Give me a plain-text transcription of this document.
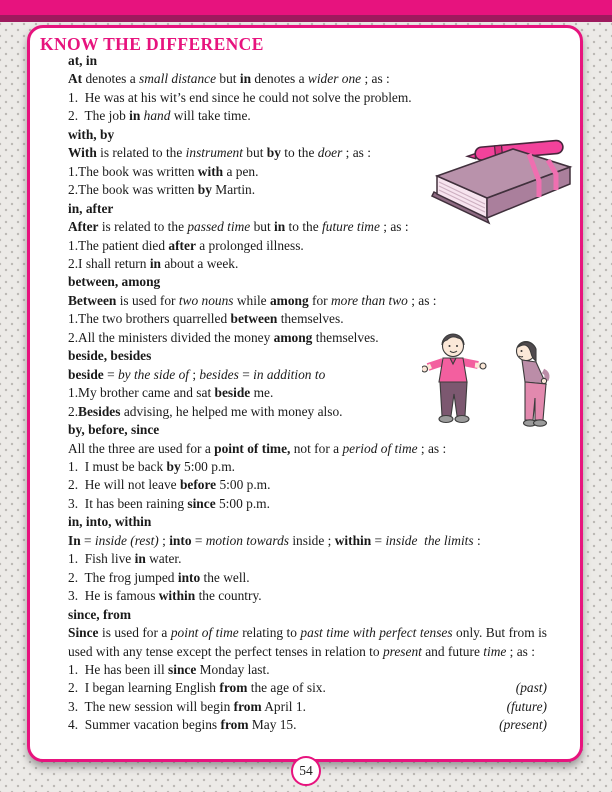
KNOW THE DIFFERENCE
at, in
At denotes a small distance but in denotes a wider one ; as :
1.  He was at his wit’s end since he could not solve the problem.
2.  The job in hand will take time.
with, by
With is related to the instrument but by to the doer ; as :
1.The book was written with a pen.
2.The book was written by Martin.
in, after
After is related to the passed time but in to the future time ; as :
1.The patient died after a prolonged illness.
2.I shall return in about a week.
between, among
Between is used for two nouns while among for more than two ; as :
1.The two brothers quarrelled between themselves.
2.All the ministers divided the money among themselves.
beside, besides
beside = by the side of ; besides = in addition to
1.My brother came and sat beside me.
2.Besides advising, he helped me with money also.
by, before, since
All the three are used for a point of time, not for a period of time ; as :
1.  I must be back by 5:00 p.m.
2.  He will not leave before 5:00 p.m.
3.  It has been raining since 5:00 p.m.
in, into, within
In = inside (rest) ; into = motion towards inside ; within = inside  the limits :
1.  Fish live in water.
2.  The frog jumped into the well.
3.  He is famous within the country.
since, from
Since is used for a point of time relating to past time with perfect tenses only. But from is used with any tense except the perfect tenses in relation to present and future time ; as :
1.  He has been ill since Monday last.
2.  I began learning English from the age of six.	(past)
3.  The new session will begin from April 1.	(future)
4.  Summer vacation begins from May 15.	(present)
54
